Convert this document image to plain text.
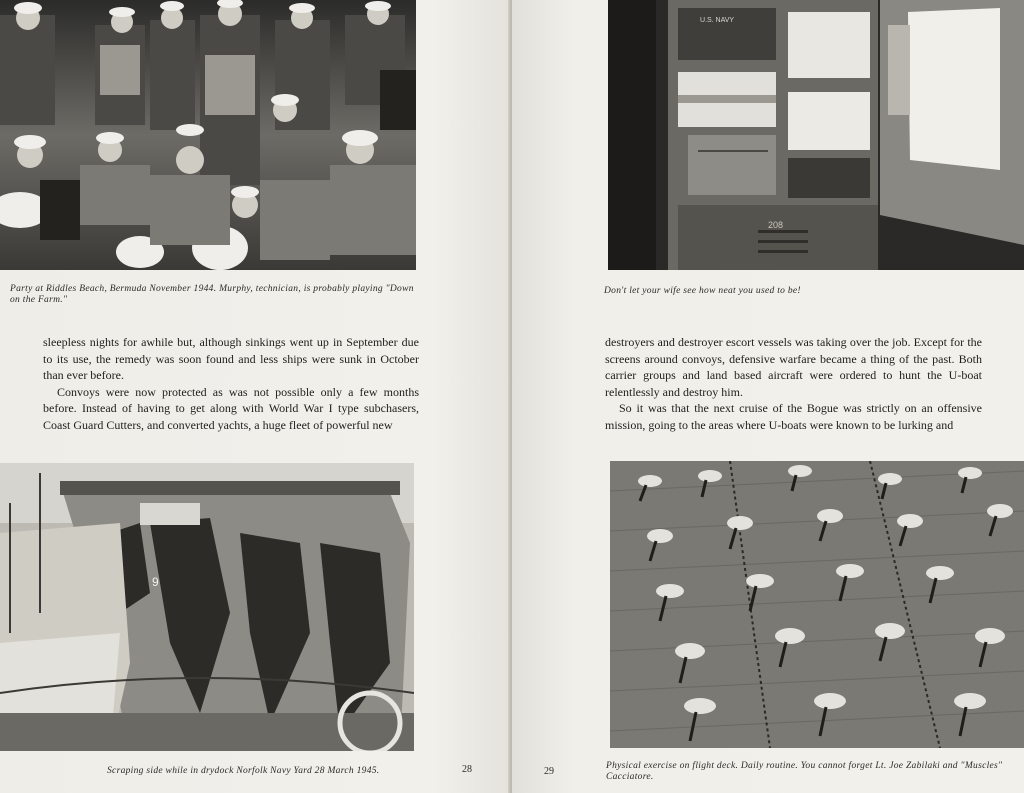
Party at Riddles Beach, Bermuda November 1944. Murphy, technician, is probably playing "Down on the Farm."

sleepless nights for awhile but, although sinkings went up in September due to its use, the remedy was soon found and less ships were sunk in October than ever before.

Convoys were now protected as was not possible only a few months before. Instead of having to get along with World War I type subchasers, Coast Guard Cutters, and converted yachts, a huge fleet of powerful new

9
Scraping side while in drydock Norfolk Navy Yard 28 March 1945.	28
U.S. NAVY
208
Don't let your wife see how neat you used to be!

destroyers and destroyer escort vessels was taking over the job. Except for the screens around convoys, defensive warfare became a thing of the past. Both carrier groups and land based aircraft were ordered to hunt the U-boat relentlessly and destroy him.

So it was that the next cruise of the Bogue was strictly on an offensive mission, going to the areas where U-boats were known to be lurking and

Physical exercise on flight deck. Daily routine. You cannot forget Lt. Joe Zabilaki and "Muscles" Cacciatore.
29
